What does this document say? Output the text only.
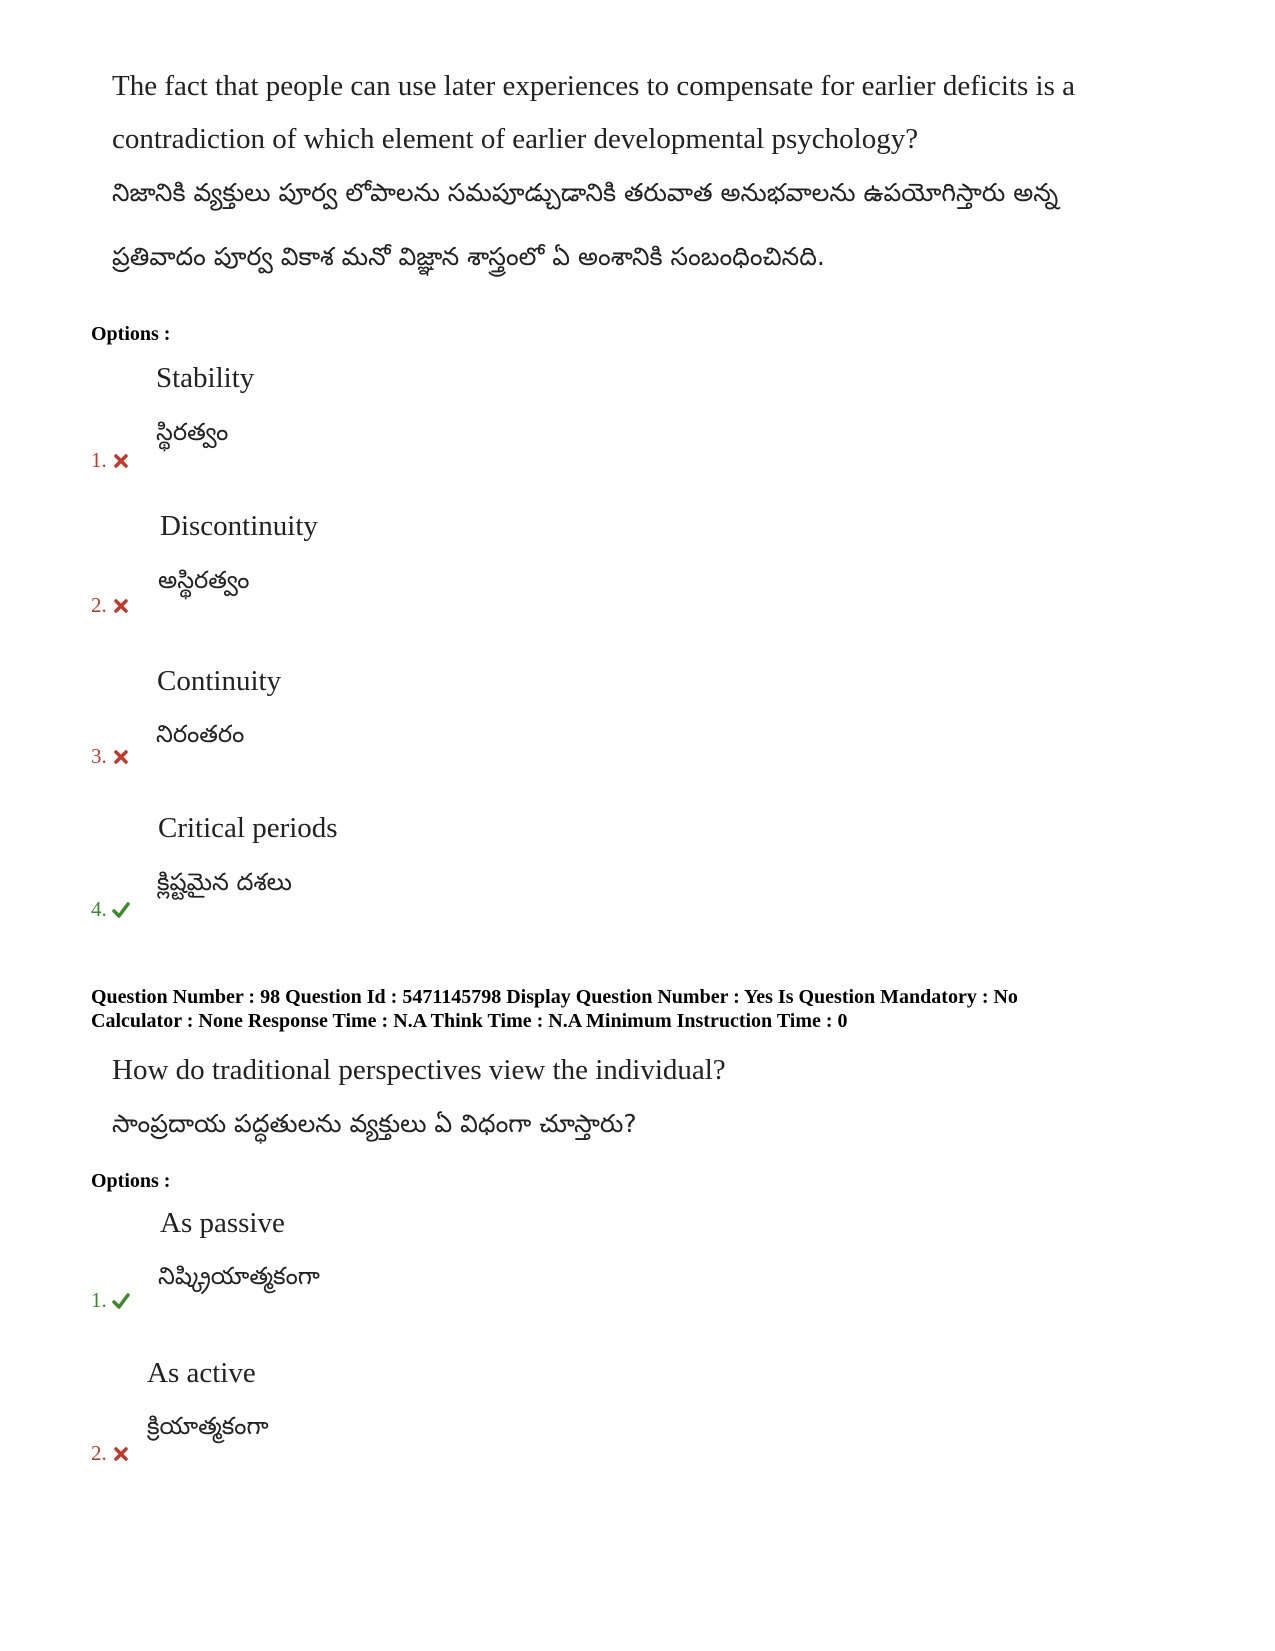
The fact that people can use later experiences to compensate for earlier deficits is a
contradiction of which element of earlier developmental psychology?
నిజానికి వ్యక్తులు పూర్వ లోపాలను సమపూడ్చుడానికి తరువాత అనుభవాలను ఉపయోగిస్తారు అన్న
ప్రతివాదం పూర్వ వికాశ మనో విజ్ఞాన శాస్త్రంలో ఏ అంశానికి సంబంధించినది.
Options :
Stability
స్థిరత్వం
1.
Discontinuity
అస్థిరత్వం
2.
Continuity
నిరంతరం
3.
Critical periods
క్లిష్టమైన దశలు
4.
Question Number : 98 Question Id : 5471145798 Display Question Number : Yes Is Question Mandatory : No
Calculator : None Response Time : N.A Think Time : N.A Minimum Instruction Time : 0
How do traditional perspectives view the individual?
సాంప్రదాయ పద్ధతులను వ్యక్తులు ఏ విధంగా చూస్తారు?
Options :
As passive
నిష్క్రియాత్మకంగా
1.
As active
క్రియాత్మకంగా
2.
